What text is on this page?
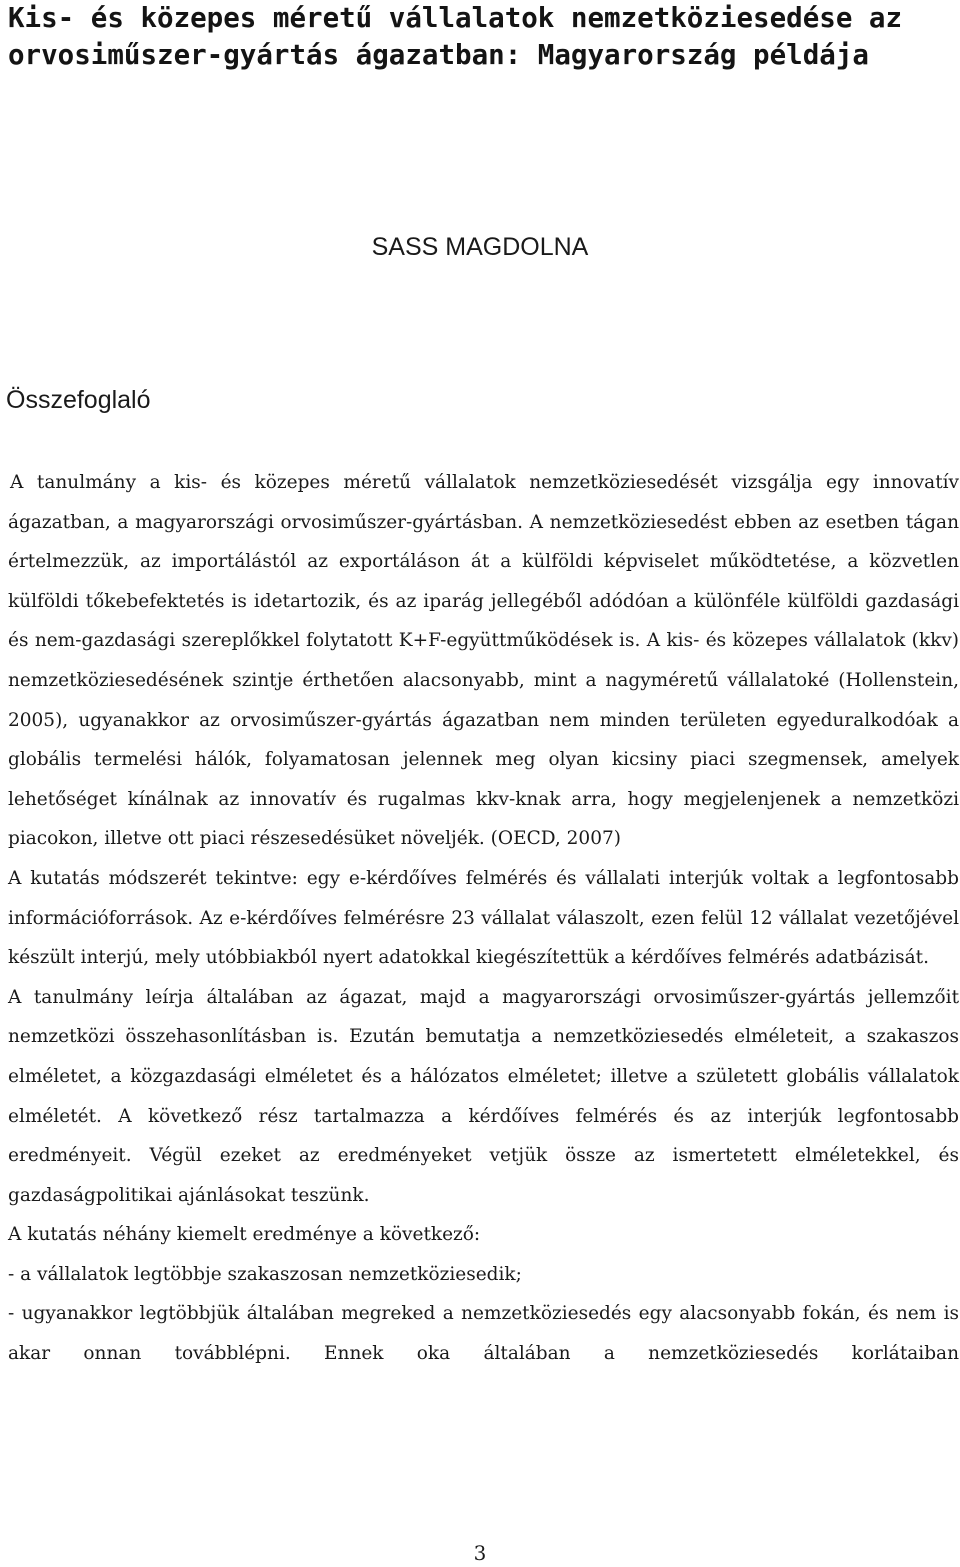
Kis- és közepes méretű vállalatok nemzetköziesedése az orvosiműszer-gyártás ágazatban: Magyarország példája
SASS MAGDOLNA
Összefoglaló

A tanulmány a kis- és közepes méretű vállalatok nemzetköziesedését vizsgálja egy innovatív ágazatban, a magyarországi orvosiműszer-gyártásban. A nemzetköziesedést ebben az esetben tágan értelmezzük, az importálástól az exportáláson át a külföldi képviselet működtetése, a közvetlen külföldi tőkebefektetés is idetartozik, és az iparág jellegéből adódóan a különféle külföldi gazdasági és nem-gazdasági szereplőkkel folytatott K+F-együttműködések is. A kis- és közepes vállalatok (kkv) nemzetköziesedésének szintje érthetően alacsonyabb, mint a nagyméretű vállalatoké (Hollenstein, 2005), ugyanakkor az orvosiműszer-gyártás ágazatban nem minden területen egyeduralkodóak a globális termelési hálók, folyamatosan jelennek meg olyan kicsiny piaci szegmensek, amelyek lehetőséget kínálnak az innovatív és rugalmas kkv-knak arra, hogy megjelenjenek a nemzetközi piacokon, illetve ott piaci részesedésüket növeljék. (OECD, 2007)

A kutatás módszerét tekintve: egy e-kérdőíves felmérés és vállalati interjúk voltak a legfontosabb információforrások. Az e-kérdőíves felmérésre 23 vállalat válaszolt, ezen felül 12 vállalat vezetőjével készült interjú, mely utóbbiakból nyert adatokkal kiegészítettük a kérdőíves felmérés adatbázisát.

A tanulmány leírja általában az ágazat, majd a magyarországi orvosiműszer-gyártás jellemzőit nemzetközi összehasonlításban is. Ezután bemutatja a nemzetköziesedés elméleteit, a szakaszos elméletet, a közgazdasági elméletet és a hálózatos elméletet; illetve a született globális vállalatok elméletét. A következő rész tartalmazza a kérdőíves felmérés és az interjúk legfontosabb eredményeit. Végül ezeket az eredményeket vetjük össze az ismertetett elméletekkel, és gazdaságpolitikai ajánlásokat teszünk.

A kutatás néhány kiemelt eredménye a következő:

- a vállalatok legtöbbje szakaszosan nemzetköziesedik;

- ugyanakkor legtöbbjük általában megreked a nemzetköziesedés egy alacsonyabb fokán, és nem is akar onnan továbblépni. Ennek oka általában a nemzetköziesedés korlátaiban

3
